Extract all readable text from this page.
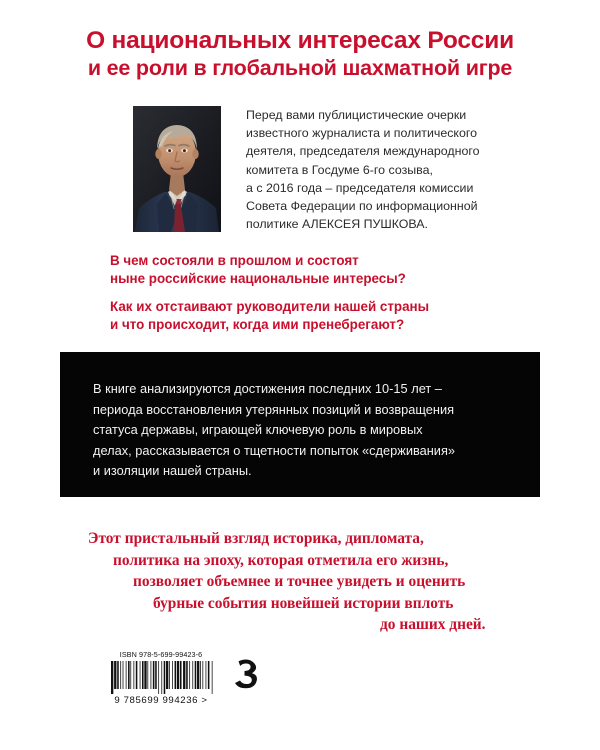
О национальных интересах России
и ее роли в глобальной шахматной игре

Перед вами публицистические очерки

известного журналиста и политического

деятеля, председателя международного

комитета в Госдуме 6-го созыва,

а с 2016 года – председателя комиссии

Совета Федерации по информационной

политике АЛЕКСЕЯ ПУШКОВА.

В чем состояли в прошлом и состоят
ныне российские национальные интересы?
Как их отстаивают руководители нашей страны
и что происходит, когда ими пренебрегают?
В книге анализируются достижения последних 10-15 лет –
периода восстановления утерянных позиций и возвращения
статуса державы, играющей ключевую роль в мировых
делах, рассказывается о тщетности попыток «сдерживания»
и изоляции нашей страны.
Этот пристальный взгляд историка, дипломата,
политика на эпоху, которая отметила его жизнь,
позволяет объемнее и точнее увидеть и оценить
бурные события новейшей истории вплоть
до наших дней.
ISBN 978-5-699-99423-6
9 785699 994236 >
